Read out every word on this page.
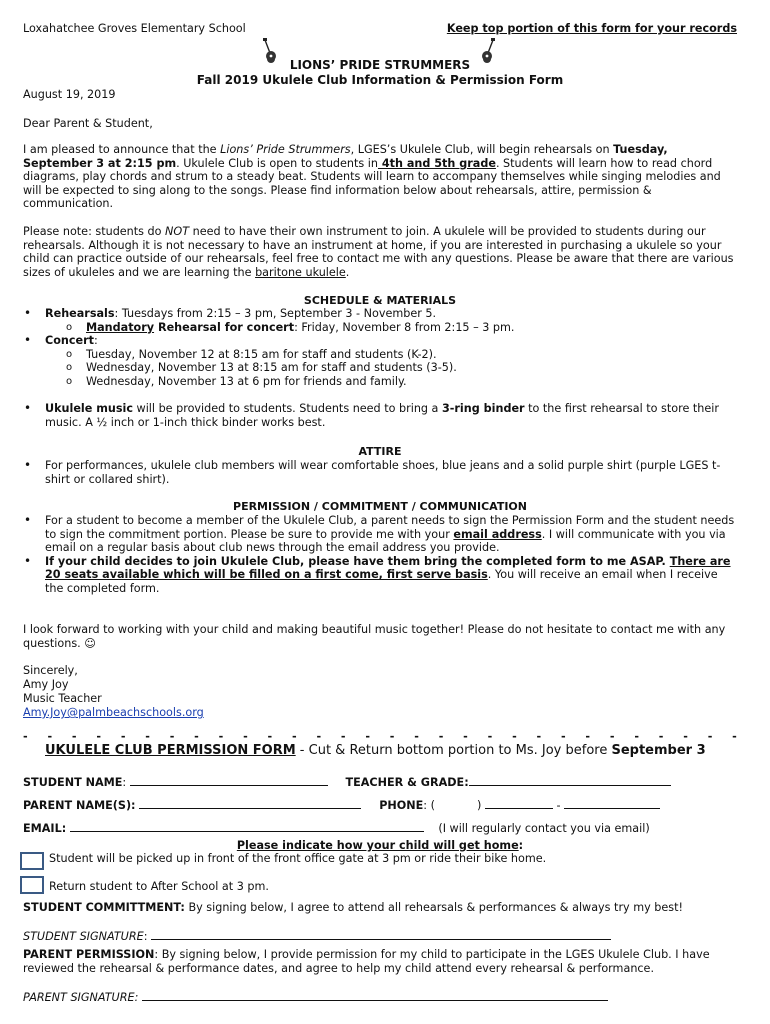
Loxahatchee Groves Elementary School	Keep top portion of this form for your records
LIONS’ PRIDE STRUMMERS
Fall 2019 Ukulele Club Information & Permission Form
August 19, 2019
Dear Parent & Student,

I am pleased to announce that the Lions’ Pride Strummers, LGES’s Ukulele Club, will begin rehearsals on Tuesday, September 3 at 2:15 pm. Ukulele Club is open to students in 4th and 5th grade. Students will learn how to read chord diagrams, play chords and strum to a steady beat. Students will learn to accompany themselves while singing melodies and will be expected to sing along to the songs. Please find information below about rehearsals, attire, permission & communication.

Please note: students do NOT need to have their own instrument to join. A ukulele will be provided to students during our rehearsals. Although it is not necessary to have an instrument at home, if you are interested in purchasing a ukulele so your child can practice outside of our rehearsals, feel free to contact me with any questions. Please be aware that there are various sizes of ukuleles and we are learning the baritone ukulele.

SCHEDULE & MATERIALS
• Rehearsals: Tuesdays from 2:15 – 3 pm, September 3 - November 5.
o Mandatory Rehearsal for concert: Friday, November 8 from 2:15 – 3 pm.
• Concert:
o Tuesday, November 12 at 8:15 am for staff and students (K-2).
o Wednesday, November 13 at 8:15 am for staff and students (3-5).
o Wednesday, November 13 at 6 pm for friends and family.
• Ukulele music will be provided to students. Students need to bring a 3-ring binder to the first rehearsal to store their music. A ½ inch or 1-inch thick binder works best.
ATTIRE
• For performances, ukulele club members will wear comfortable shoes, blue jeans and a solid purple shirt (purple LGES t-shirt or collared shirt).
PERMISSION / COMMITMENT / COMMUNICATION
• For a student to become a member of the Ukulele Club, a parent needs to sign the Permission Form and the student needs to sign the commitment portion. Please be sure to provide me with your email address. I will communicate with you via email on a regular basis about club news through the email address you provide.
• If your child decides to join Ukulele Club, please have them bring the completed form to me ASAP. There are 20 seats available which will be filled on a first come, first serve basis. You will receive an email when I receive the completed form.

I look forward to working with your child and making beautiful music together! Please do not hesitate to contact me with any questions. ☺

Sincerely,
Amy Joy
Music Teacher
Amy.Joy@palmbeachschools.org
- - - - - - - - - - - - - - - - - - - - - - - - - - - - - -
UKULELE CLUB PERMISSION FORM - Cut & Return bottom portion to Ms. Joy before September 3
STUDENT NAME:	TEACHER & GRADE:
PARENT NAME(S):	PHONE: (	)	-
EMAIL:	(I will regularly contact you via email)
Please indicate how your child will get home:
Student will be picked up in front of the front office gate at 3 pm or ride their bike home.
Return student to After School at 3 pm.
STUDENT COMMITTMENT: By signing below, I agree to attend all rehearsals & performances & always try my best!
STUDENT SIGNATURE:

PARENT PERMISSION: By signing below, I provide permission for my child to participate in the LGES Ukulele Club. I have reviewed the rehearsal & performance dates, and agree to help my child attend every rehearsal & performance.

PARENT SIGNATURE:
